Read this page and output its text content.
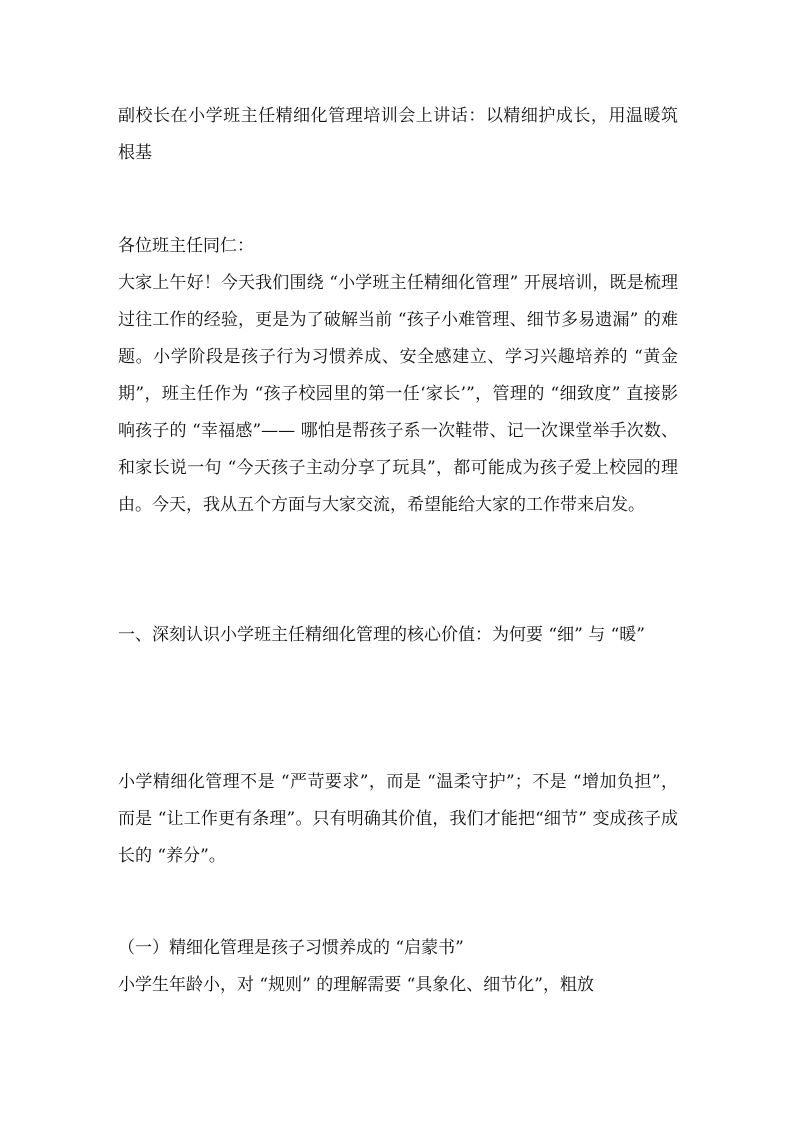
副校长在小学班主任精细化管理培训会上讲话：以精细护成长，用温暖筑根基

各位班主任同仁：

大家上午好！今天我们围绕 “小学班主任精细化管理” 开展培训，既是梳理过往工作的经验，更是为了破解当前 “孩子小难管理、细节多易遗漏” 的难题。小学阶段是孩子行为习惯养成、安全感建立、学习兴趣培养的 “黄金期”，班主任作为 “孩子校园里的第一任‘家长’”，管理的 “细致度” 直接影响孩子的 “幸福感”—— 哪怕是帮孩子系一次鞋带、记一次课堂举手次数、和家长说一句 “今天孩子主动分享了玩具”，都可能成为孩子爱上校园的理由。今天，我从五个方面与大家交流，希望能给大家的工作带来启发。

一、深刻认识小学班主任精细化管理的核心价值：为何要 “细” 与 “暖”

小学精细化管理不是 “严苛要求”，而是 “温柔守护”；不是 “增加负担”，而是 “让工作更有条理”。只有明确其价值，我们才能把“细节” 变成孩子成长的 “养分”。

（一）精细化管理是孩子习惯养成的 “启蒙书”

小学生年龄小，对 “规则” 的理解需要 “具象化、细节化”，粗放
